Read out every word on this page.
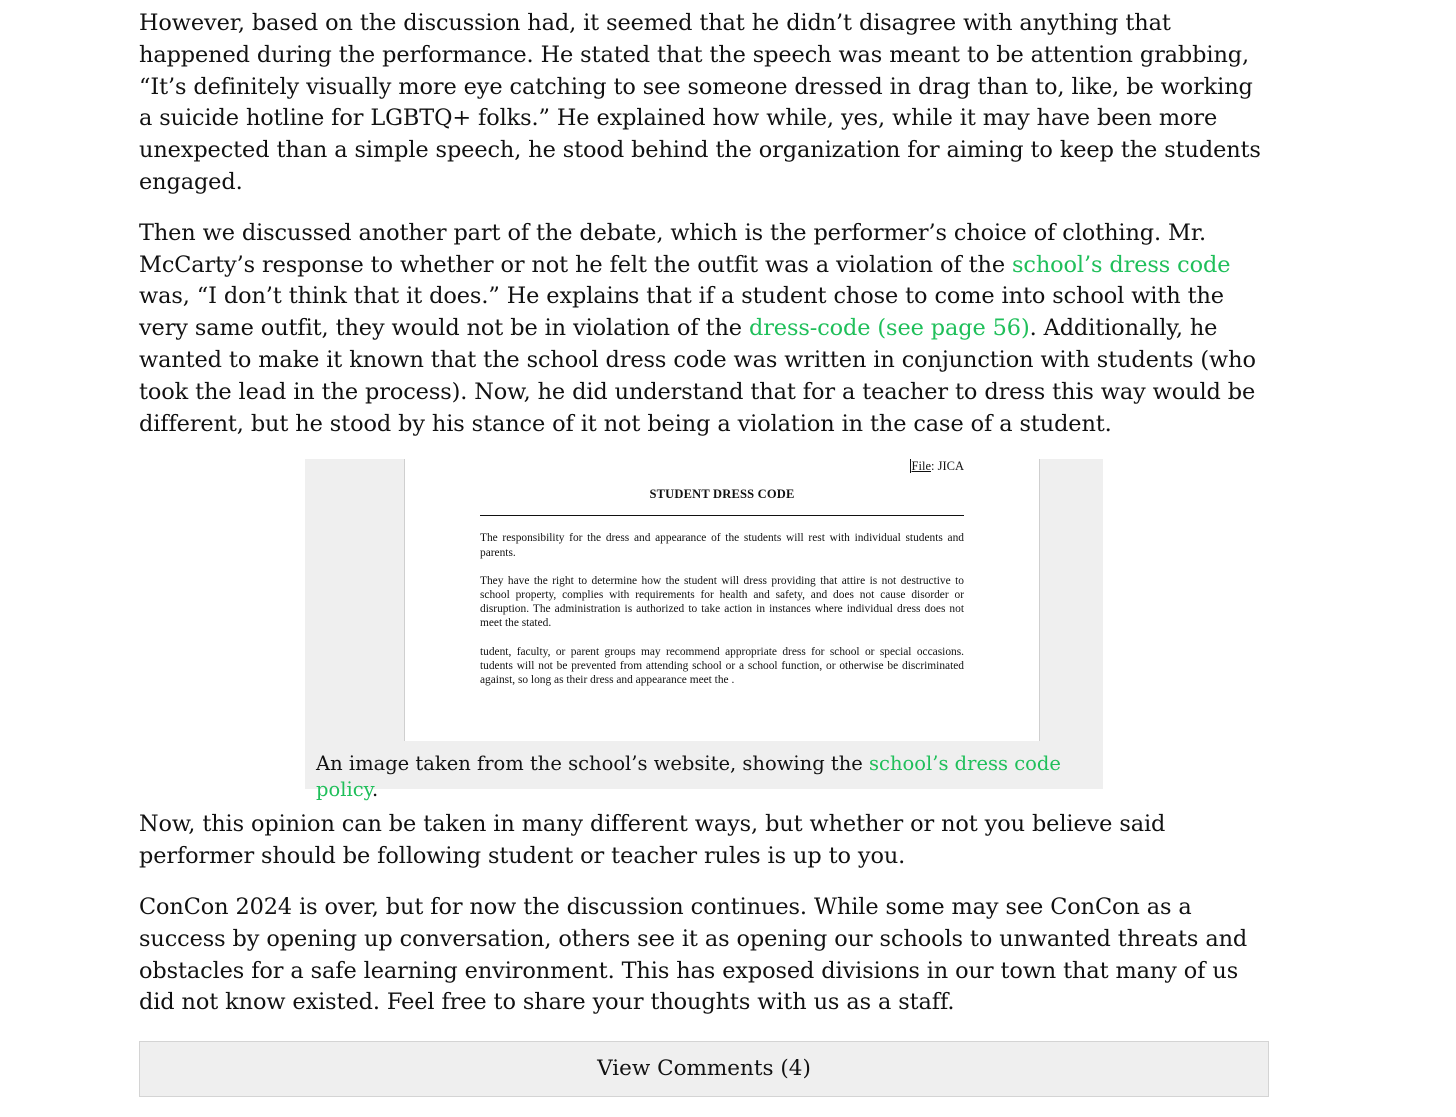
However, based on the discussion had, it seemed that he didn’t disagree with anything that happened during the performance. He stated that the speech was meant to be attention grabbing, “It’s definitely visually more eye catching to see someone dressed in drag than to, like, be working a suicide hotline for LGBTQ+ folks.” He explained how while, yes, while it may have been more unexpected than a simple speech, he stood behind the organization for aiming to keep the students engaged.

Then we discussed another part of the debate, which is the performer’s choice of clothing. Mr. McCarty’s response to whether or not he felt the outfit was a violation of the school’s dress code was, “I don’t think that it does.” He explains that if a student chose to come into school with the very same outfit, they would not be in violation of the dress-code (see page 56). Additionally, he wanted to make it known that the school dress code was written in conjunction with students (who took the lead in the process). Now, he did understand that for a teacher to dress this way would be different, but he stood by his stance of it not being a violation in the case of a student.

File: JICA
STUDENT DRESS CODE

The responsibility for the dress and appearance of the students will rest with individual students and parents.

They have the right to determine how the student will dress providing that attire is not destructive to school property, complies with requirements for health and safety, and does not cause disorder or disruption. The administration is authorized to take action in instances where individual dress does not meet the stated.

tudent, faculty, or parent groups may recommend appropriate dress for school or special occasions. tudents will not be prevented from attending school or a school function, or otherwise be discriminated against, so long as their dress and appearance meet the .

An image taken from the school’s website, showing the school’s dress code policy.

Now, this opinion can be taken in many different ways, but whether or not you believe said performer should be following student or teacher rules is up to you.

ConCon 2024 is over, but for now the discussion continues. While some may see ConCon as a success by opening up conversation, others see it as opening our schools to unwanted threats and obstacles for a safe learning environment. This has exposed divisions in our town that many of us did not know existed. Feel free to share your thoughts with us as a staff.

View Comments (4)
